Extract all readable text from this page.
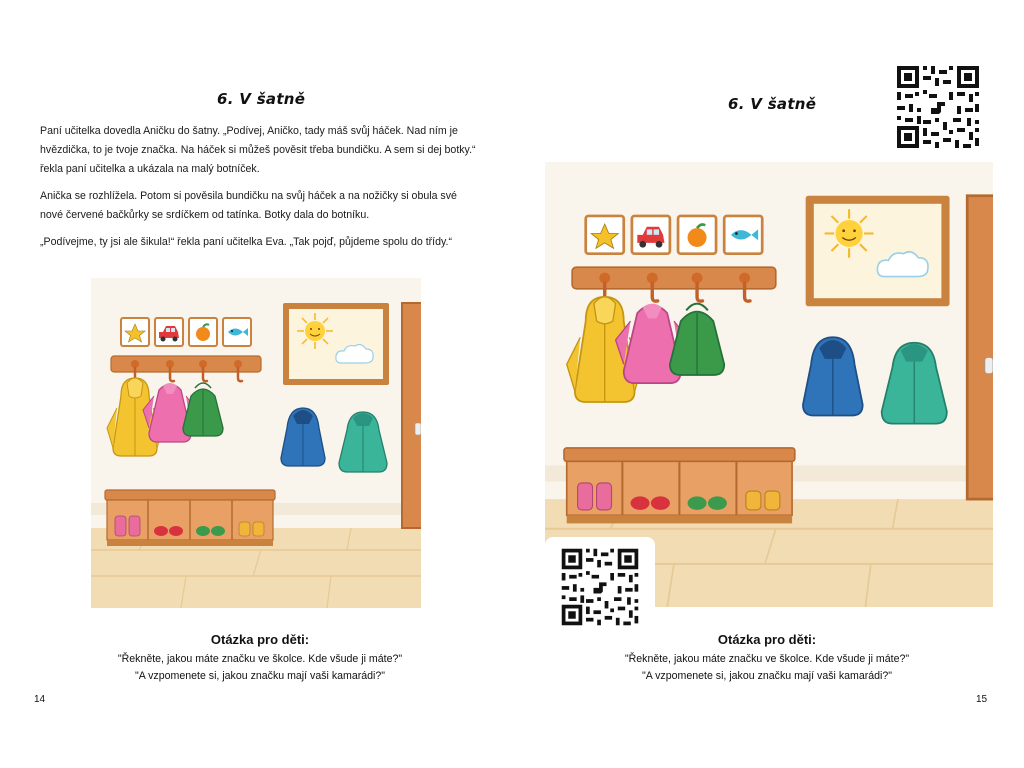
6. V šatně

Paní učitelka dovedla Aničku do šatny. „Podívej, Aničko, tady máš svůj háček. Nad ním je hvězdička, to je tvoje značka. Na háček si můžeš pověsit třeba bundičku. A sem si dej botky.“ řekla paní učitelka a ukázala na malý botníček.

Anička se rozhlížela. Potom si pověsila bundičku na svůj háček a na nožičky si obula své nové červené bačkůrky se srdíčkem od tatínka. Botky dala do botníku.

„Podívejme, ty jsi ale šikula!“ řekla paní učitelka Eva. „Tak pojď, půjdeme spolu do třídy.“

Otázka pro děti:
"Řekněte, jakou máte značku ve školce. Kde všude ji máte?"
"A vzpomenete si, jakou značku mají vaši kamarádi?"
14
6. V šatně
Otázka pro děti:
"Řekněte, jakou máte značku ve školce. Kde všude ji máte?"
"A vzpomenete si, jakou značku mají vaši kamarádi?"
15
